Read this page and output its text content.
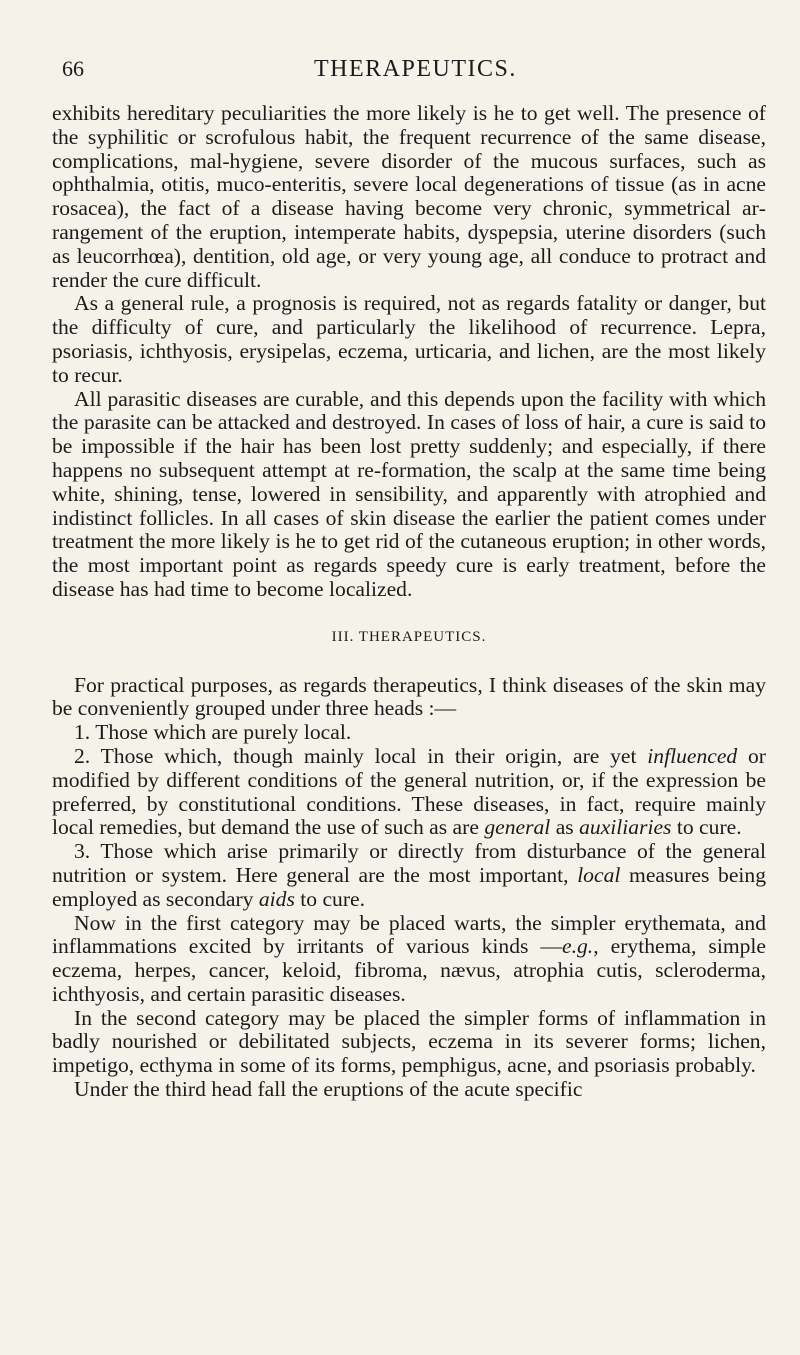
66	THERAPEUTICS.

exhibits hereditary peculiarities the more likely is he to get well. The presence of the syphilitic or scrofulous habit, the frequent recurrence of the same disease, complications, mal-hygiene, severe disorder of the mucous surfaces, such as ophthalmia, otitis, muco-enteritis, severe local degenerations of tissue (as in acne rosacea), the fact of a disease having become very chronic, symmetrical arrangement of the eruption, intemperate habits, dyspepsia, uterine disorders (such as leucorrhœa), dentition, old age, or very young age, all conduce to protract and render the cure difficult.

As a general rule, a prognosis is required, not as regards fatality or danger, but the difficulty of cure, and particularly the likelihood of recurrence. Lepra, psoriasis, ichthyosis, erysipelas, eczema, urticaria, and lichen, are the most likely to recur.

All parasitic diseases are curable, and this depends upon the facility with which the parasite can be attacked and destroyed. In cases of loss of hair, a cure is said to be impossible if the hair has been lost pretty suddenly; and especially, if there happens no subsequent attempt at re-formation, the scalp at the same time being white, shining, tense, lowered in sensibility, and apparently with atrophied and indistinct follicles. In all cases of skin disease the earlier the patient comes under treatment the more likely is he to get rid of the cutaneous eruption; in other words, the most important point as regards speedy cure is early treatment, before the disease has had time to become localized.

III. THERAPEUTICS.

For practical purposes, as regards therapeutics, I think diseases of the skin may be conveniently grouped under three heads :—

1. Those which are purely local.

2. Those which, though mainly local in their origin, are yet influenced or modified by different conditions of the general nutrition, or, if the expression be preferred, by constitutional conditions. These diseases, in fact, require mainly local remedies, but demand the use of such as are general as auxiliaries to cure.

3. Those which arise primarily or directly from disturbance of the general nutrition or system. Here general are the most important, local measures being employed as secondary aids to cure.

Now in the first category may be placed warts, the simpler erythemata, and inflammations excited by irritants of various kinds —e.g., erythema, simple eczema, herpes, cancer, keloid, fibroma, nævus, atrophia cutis, scleroderma, ichthyosis, and certain parasitic diseases.

In the second category may be placed the simpler forms of inflammation in badly nourished or debilitated subjects, eczema in its severer forms; lichen, impetigo, ecthyma in some of its forms, pemphigus, acne, and psoriasis probably.

Under the third head fall the eruptions of the acute specific
